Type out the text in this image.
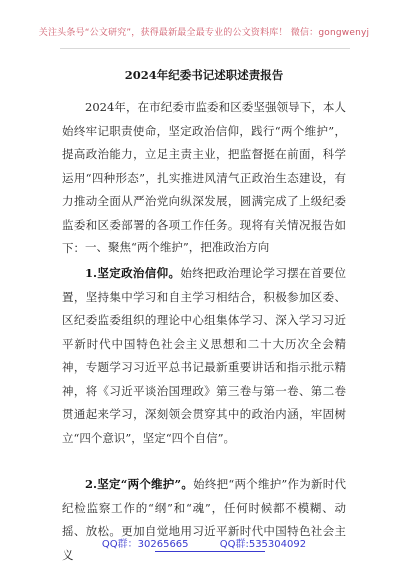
关注头条号“公文研究”，获得最新最全最专业的公文资料库！ 微信：gongwenyj
2024年纪委书记述职述责报告

2024年，在市纪委市监委和区委坚强领导下，本人始终牢记职责使命，坚定政治信仰，践行“两个维护”，提高政治能力，立足主责主业，把监督挺在前面，科学运用“四种形态”，扎实推进风清气正政治生态建设，有力推动全面从严治党向纵深发展，圆满完成了上级纪委监委和区委部署的各项工作任务。现将有关情况报告如下： 一、聚焦“两个维护”，把准政治方向

1.坚定政治信仰。始终把政治理论学习摆在首要位置，坚持集中学习和自主学习相结合，积极参加区委、区纪委监委组织的理论中心组集体学习、深入学习习近平新时代中国特色社会主义思想和二十大历次全会精神，专题学习习近平总书记最新重要讲话和指示批示精神，将《习近平谈治国理政》第三卷与第一卷、第二卷贯通起来学习，深刻领会贯穿其中的政治内涵，牢固树立“四个意识”，坚定“四个自信”。

2.坚定“两个维护”。始终把“两个维护”作为新时代纪检监察工作的“纲”和“魂”，任何时候都不模糊、动摇、放松。更加自觉地用习近平新时代中国特色社会主义

QQ群：30265665	QQ群:535304092
